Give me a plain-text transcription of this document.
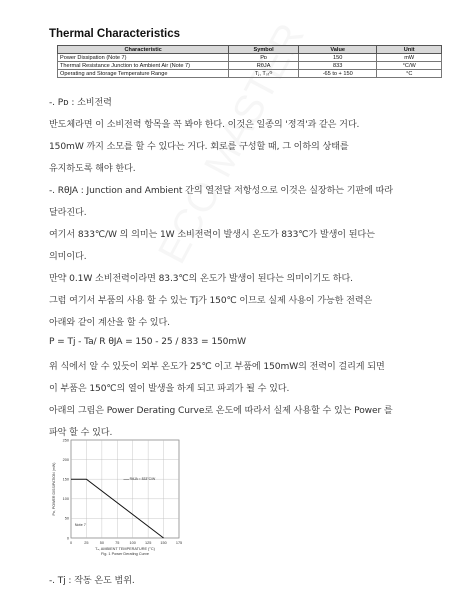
Thermal Characteristics
Characteristic	Symbol	Value	Unit
Power Dissipation (Note 7)	Pᴅ	150	mW
Thermal Resistance Junction to Ambient Air (Note 7)	RθJA	833	°C/W
Operating and Storage Temperature Range	Tⱼ, Tₛₜᴳ	-65 to + 150	°C
-. Pᴅ : 소비전력
반도체라면 이 소비전력 항목을 꼭 봐야 한다. 이것은 일종의 '정격'과 같은 거다.
150mW 까지 소모를 할 수 있다는 거다. 회로를 구성할 때, 그 이하의 상태를
유지하도록 해야 한다.
-. RθJA : Junction and Ambient 간의 열전달 저항성으로 이것은 실장하는 기판에 따라
달라진다.
여기서 833℃/W 의 의미는 1W 소비전력이 발생시 온도가 833℃가 발생이 된다는
의미이다.
만약 0.1W 소비전력이라면 83.3℃의 온도가 발생이 된다는 의미이기도 하다.
그럼 여기서 부품의 사용 할 수 있는 Tj가 150℃ 이므로 실제 사용이 가능한 전력은
아래와 같이 계산을 할 수 있다.
P = Tj - Ta/ R θJA = 150 - 25 / 833 = 150mW
위 식에서 알 수 있듯이 외부 온도가 25℃ 이고 부품에 150mW의 전력이 걸리게 되면
이 부품은 150℃의 열이 발생을 하게 되고 파괴가 될 수 있다.
아래의 그림은 Power Derating Curve로 온도에 따라서 실제 사용할 수 있는 Power 를
파악 할 수 있다.
0	25	50	75	100 125 150 175
0
50
100
150
200
250
RθJA = 833°C/W
Note 7
Tₐ, AMBIENT TEMPERATURE (°C)
Pᴅ, POWER DISSIPATION (mW)
Fig. 1 Power Derating Curve
-. Tj : 작동 온도 범위.
